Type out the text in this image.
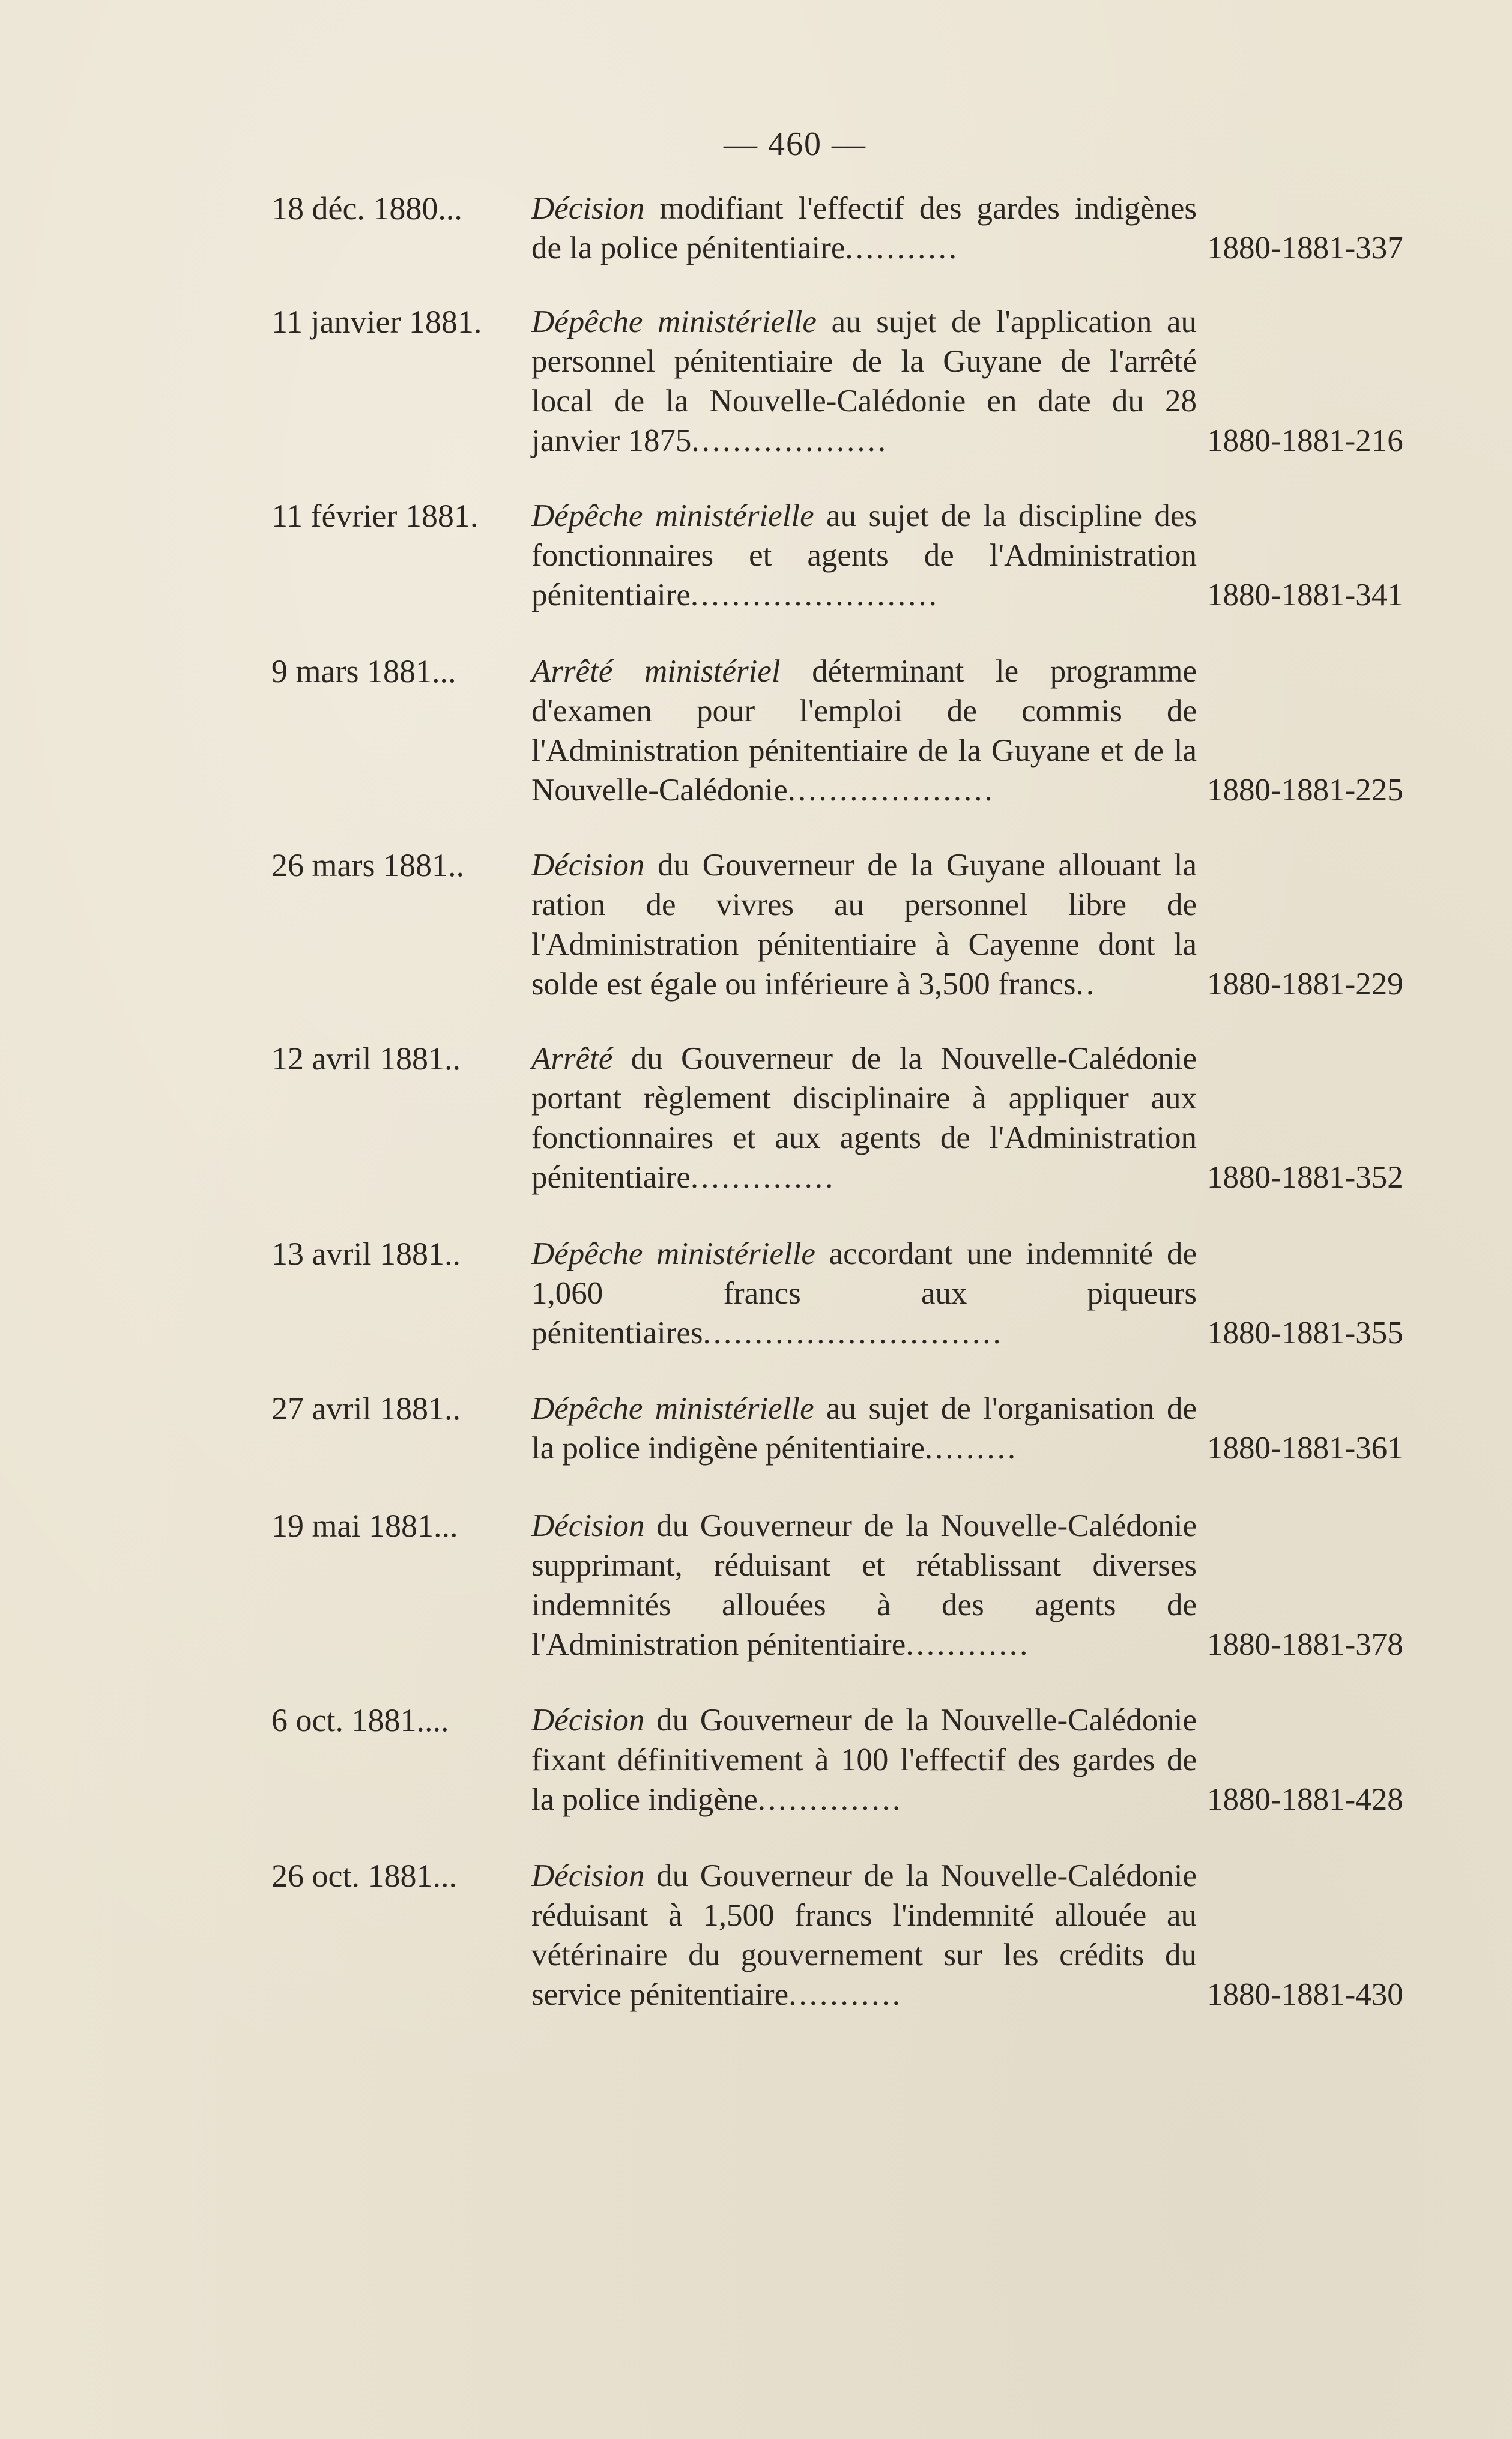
— 460 —
18 déc. 1880...	Décision modifiant l'effectif des gardes indigènes de la police pénitentiaire...........	1880-1881-337
11 janvier 1881.	Dépêche ministérielle au sujet de l'application au personnel pénitentiaire de la Guyane de l'arrêté local de la Nouvelle-Calédonie en date du 28 janvier 1875...................	1880-1881-216
11 février 1881.	Dépêche ministérielle au sujet de la discipline des fonctionnaires et agents de l'Administration pénitentiaire........................	1880-1881-341
9 mars 1881...	Arrêté ministériel déterminant le programme d'examen pour l'emploi de commis de l'Administration pénitentiaire de la Guyane et de la Nouvelle-Calédonie....................	1880-1881-225
26 mars 1881..	Décision du Gouverneur de la Guyane allouant la ration de vivres au personnel libre de l'Administration pénitentiaire à Cayenne dont la solde est égale ou inférieure à 3,500 francs..	1880-1881-229
12 avril 1881..	Arrêté du Gouverneur de la Nouvelle-Calédonie portant règlement disciplinaire à appliquer aux fonctionnaires et aux agents de l'Administration pénitentiaire..............	1880-1881-352
13 avril 1881..	Dépêche ministérielle accordant une indemnité de 1,060 francs aux piqueurs pénitentiaires.............................	1880-1881-355
27 avril 1881..	Dépêche ministérielle au sujet de l'organisation de la police indigène pénitentiaire.........	1880-1881-361
19 mai 1881...	Décision du Gouverneur de la Nouvelle-Calédonie supprimant, réduisant et rétablissant diverses indemnités allouées à des agents de l'Administration pénitentiaire............	1880-1881-378
6 oct. 1881....	Décision du Gouverneur de la Nouvelle-Calédonie fixant définitivement à 100 l'effectif des gardes de la police indigène..............	1880-1881-428
26 oct. 1881...	Décision du Gouverneur de la Nouvelle-Calédonie réduisant à 1,500 francs l'indemnité allouée au vétérinaire du gouvernement sur les crédits du service pénitentiaire...........	1880-1881-430
